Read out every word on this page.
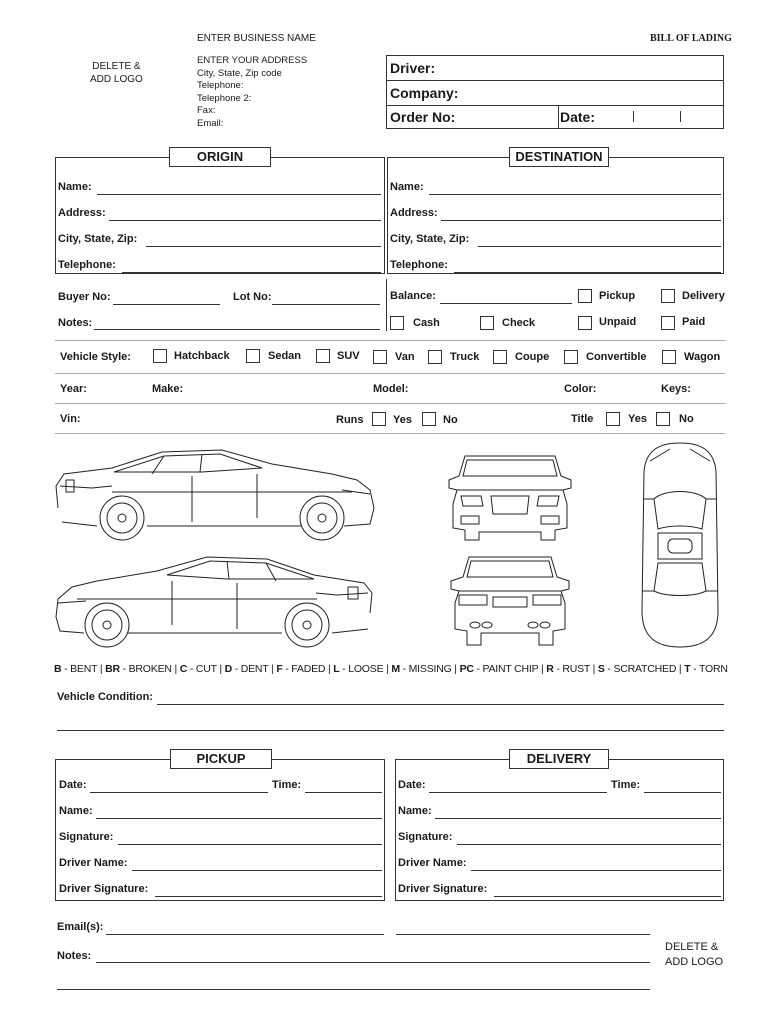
ENTER BUSINESS NAME	BILL OF LADING
DELETE &
ADD LOGO
ENTER YOUR ADDRESS
City, State, Zip code
Telephone:
Telephone 2:
Fax:
Email:
Driver:
Company:
Order No:	Date:
ORIGIN	DESTINATION
Name:
Address:
City, State, Zip:
Telephone:
Name:
Address:
City, State, Zip:
Telephone:
Buyer No:	Lot No:
Notes:
Balance:	Pickup	Delivery
Cash	Check	Unpaid	Paid
Vehicle Style:	Hatchback	Sedan	SUV	Van	Truck	Coupe	Convertible	Wagon
Year:	Make:	Model:	Color:	Keys:
Vin:	Runs	Yes	No	Title	Yes	No
B - BENT | BR - BROKEN | C - CUT | D - DENT | F - FADED | L - LOOSE | M - MISSING | PC - PAINT CHIP | R - RUST | S - SCRATCHED | T - TORN
Vehicle Condition:
PICKUP	DELIVERY
Date:	Time:
Name:
Signature:
Driver Name:
Driver Signature:
Date:	Time:
Name:
Signature:
Driver Name:
Driver Signature:
Email(s):
Notes:
DELETE &
ADD LOGO
